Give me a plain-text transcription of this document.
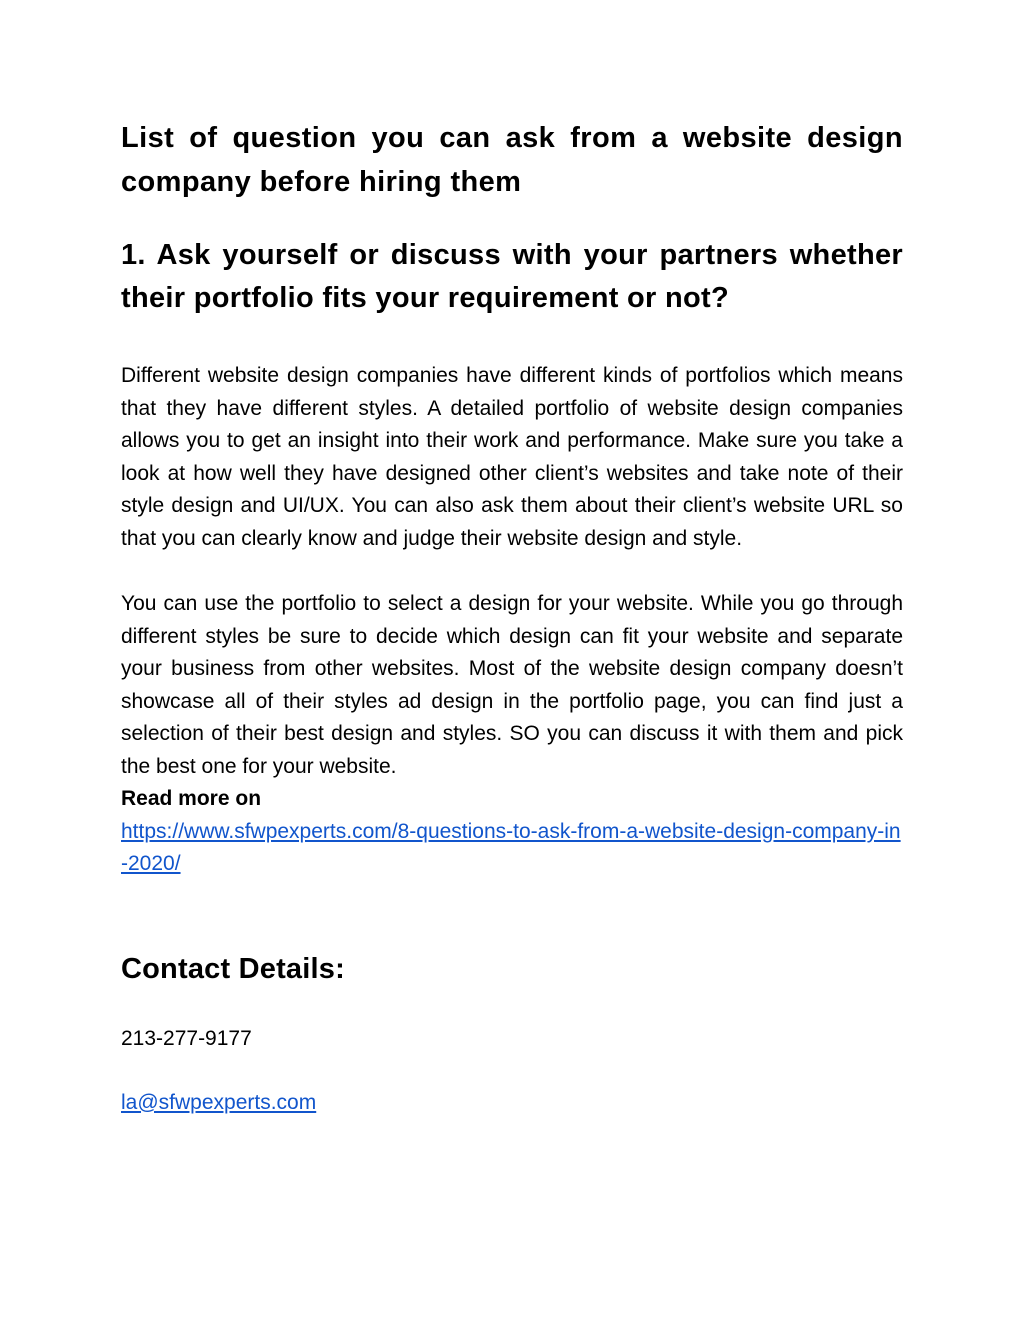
List of question you can ask from a website design company before hiring them
1. Ask yourself or discuss with your partners whether their portfolio fits your requirement or not?

Different website design companies have different kinds of portfolios which means that they have different styles. A detailed portfolio of website design companies allows you to get an insight into their work and performance. Make sure you take a look at how well they have designed other client’s websites and take note of their style design and UI/UX. You can also ask them about their client’s website URL so that you can clearly know and judge their website design and style.

You can use the portfolio to select a design for your website. While you go through different styles be sure to decide which design can fit your website and separate your business from other websites. Most of the website design company doesn’t showcase all of their styles ad design in the portfolio page, you can find just a selection of their best design and styles. SO you can discuss it with them and pick the best one for your website.
Read more on
https://www.sfwpexperts.com/8-questions-to-ask-from-a-website-design-company-in-2020/

Contact Details:

213-277-9177

la@sfwpexperts.com
